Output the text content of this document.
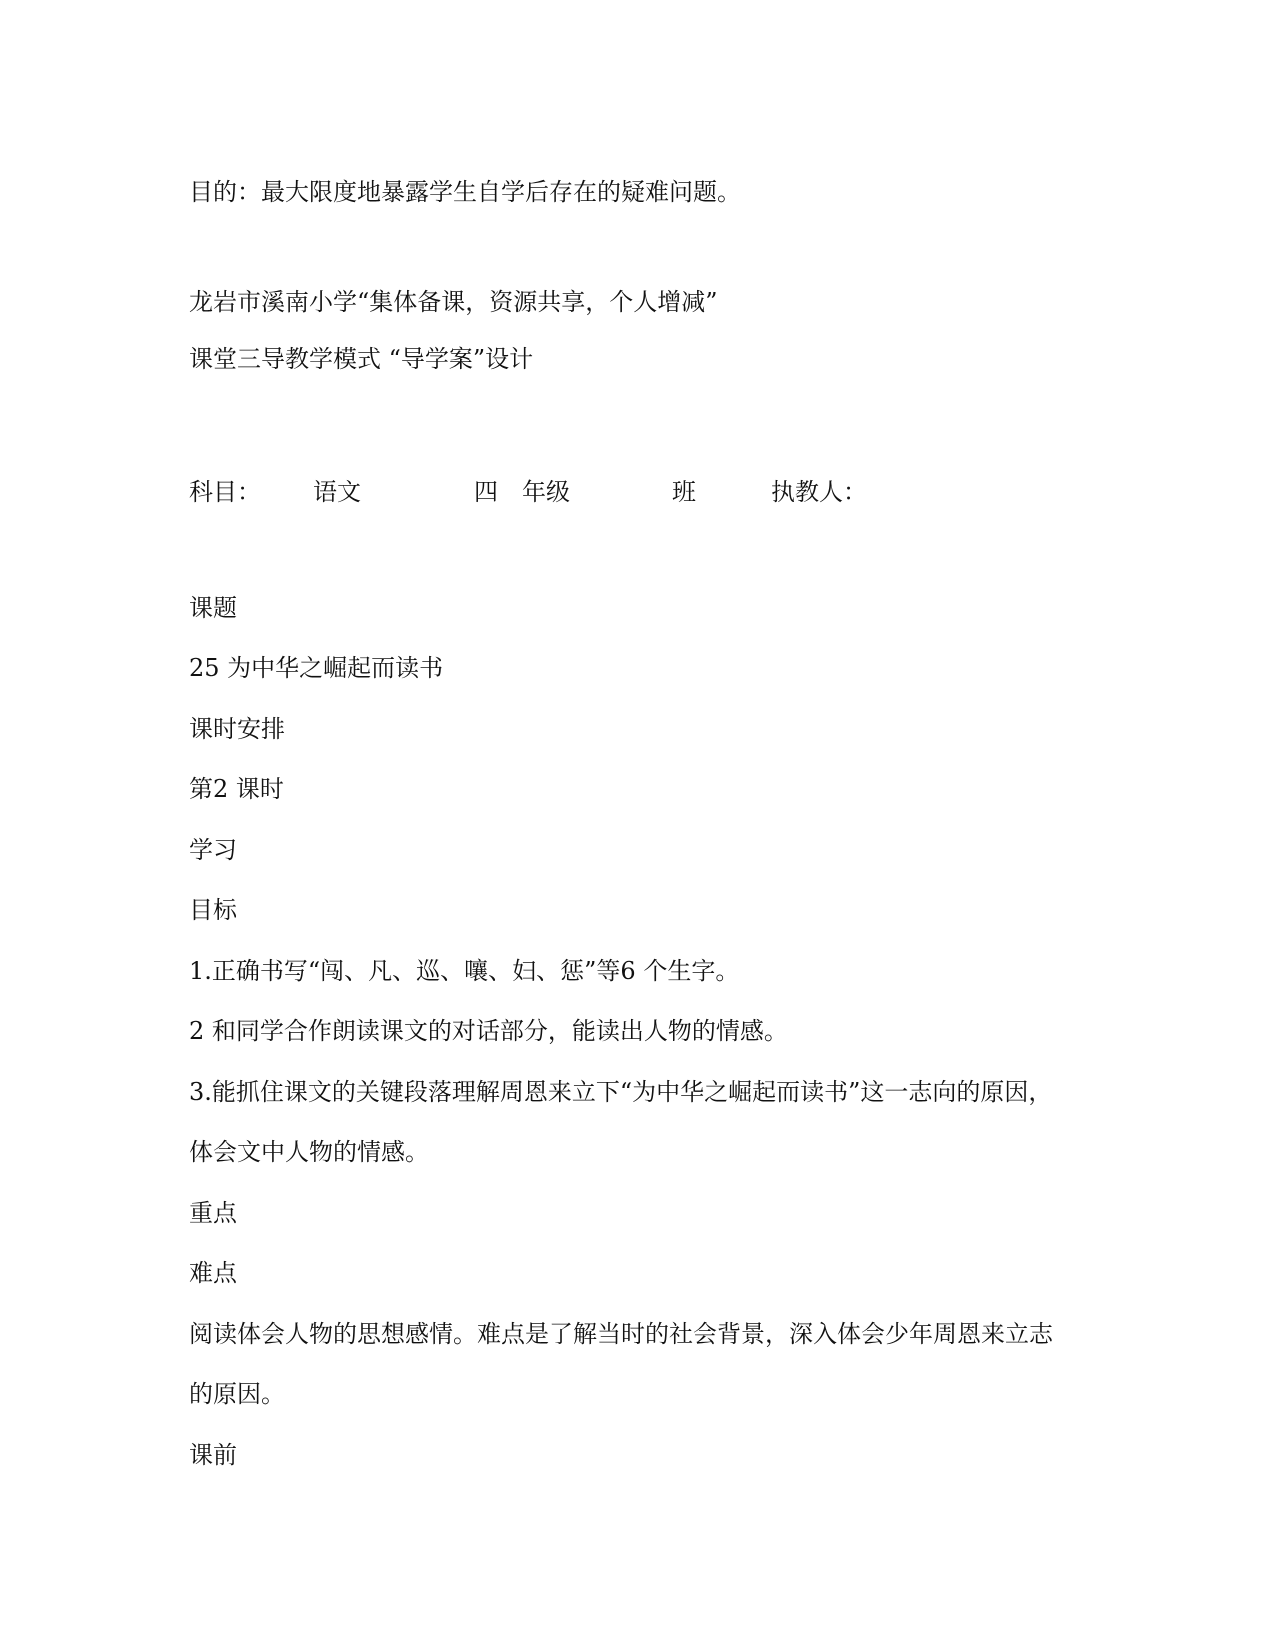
目的：最大限度地暴露学生自学后存在的疑难问题。
龙岩市溪南小学“集体备课，资源共享，个人增减”
课堂三导教学模式 “导学案”设计
科目： 语文	四 年级	班	执教人：
课题
25 为中华之崛起而读书
课时安排
第2 课时
学习
目标
1.正确书写“闯、凡、巡、嚷、妇、惩”等6 个生字。
2 和同学合作朗读课文的对话部分，能读出人物的情感。
3.能抓住课文的关键段落理解周恩来立下“为中华之崛起而读书”这一志向的原因，
体会文中人物的情感。
重点
难点
阅读体会人物的思想感情。难点是了解当时的社会背景，深入体会少年周恩来立志
的原因。
课前
